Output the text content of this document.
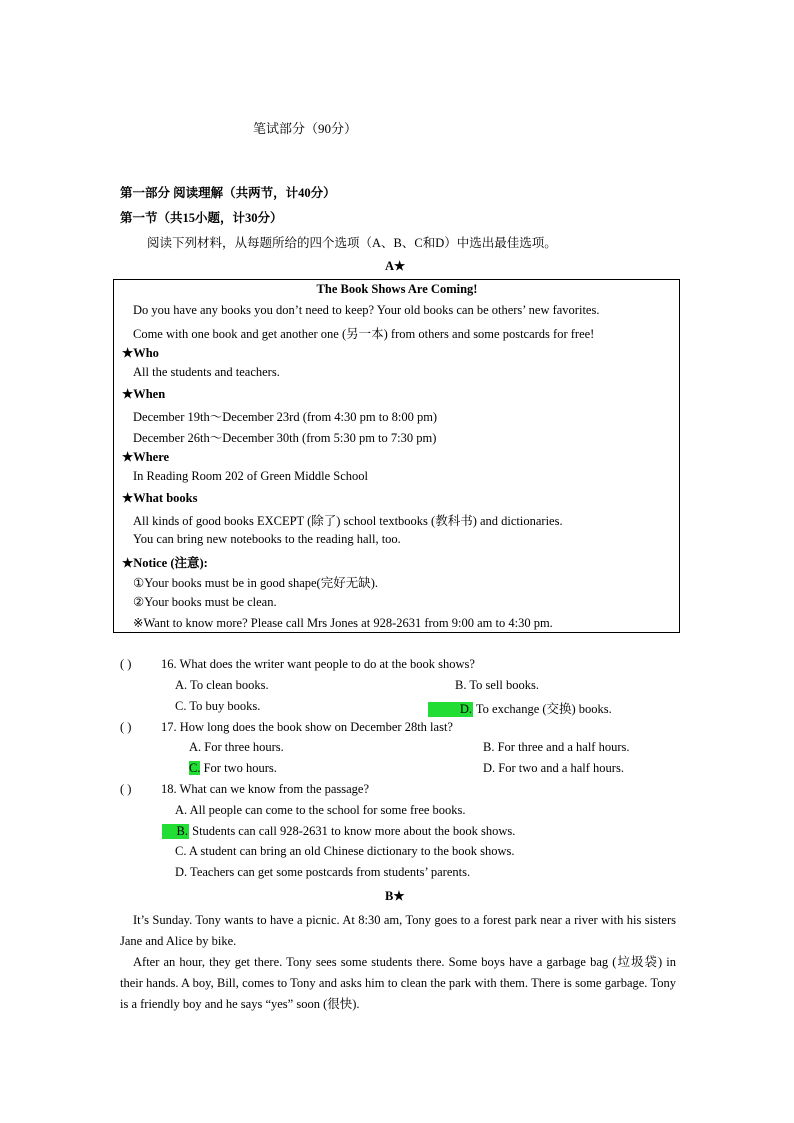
笔试部分（90分）
第一部分 阅读理解（共两节，计40分）
第一节（共15小题，计30分）
阅读下列材料，从每题所给的四个选项（A、B、C和D）中选出最佳选项。
A★
The Book Shows Are Coming!
Do you have any books you don’t need to keep? Your old books can be others’ new favorites.
Come with one book and get another one (另一本) from others and some postcards for free!
★Who
All the students and teachers.
★When
December 19th～December 23rd (from 4:30 pm to 8:00 pm)
December 26th～December 30th (from 5:30 pm to 7:30 pm)
★Where
In Reading Room 202 of Green Middle School
★What books
All kinds of good books EXCEPT (除了) school textbooks (教科书) and dictionaries.
You can bring new notebooks to the reading hall, too.
★Notice (注意):
①Your books must be in good shape(完好无缺).
②Your books must be clean.
※Want to know more? Please call Mrs Jones at 928-2631 from 9:00 am to 4:30 pm.
( ) 16. What does the writer want people to do at the book shows?
A. To clean books.	B. To sell books.
C. To buy books.	D. To exchange (交换) books.
( ) 17. How long does the book show on December 28th last?
A. For three hours.	B. For three and a half hours.
C. For two hours.	D. For two and a half hours.
( ) 18. What can we know from the passage?
A. All people can come to the school for some free books.
B. Students can call 928-2631 to know more about the book shows.
C. A student can bring an old Chinese dictionary to the book shows.
D. Teachers can get some postcards from students’ parents.
B★
It’s Sunday. Tony wants to have a picnic. At 8:30 am, Tony goes to a forest park near a river with his sisters Jane and Alice by bike.
After an hour, they get there. Tony sees some students there. Some boys have a garbage bag (垃圾袋) in their hands. A boy, Bill, comes to Tony and asks him to clean the park with them. There is some garbage. Tony is a friendly boy and he says “yes” soon (很快).
